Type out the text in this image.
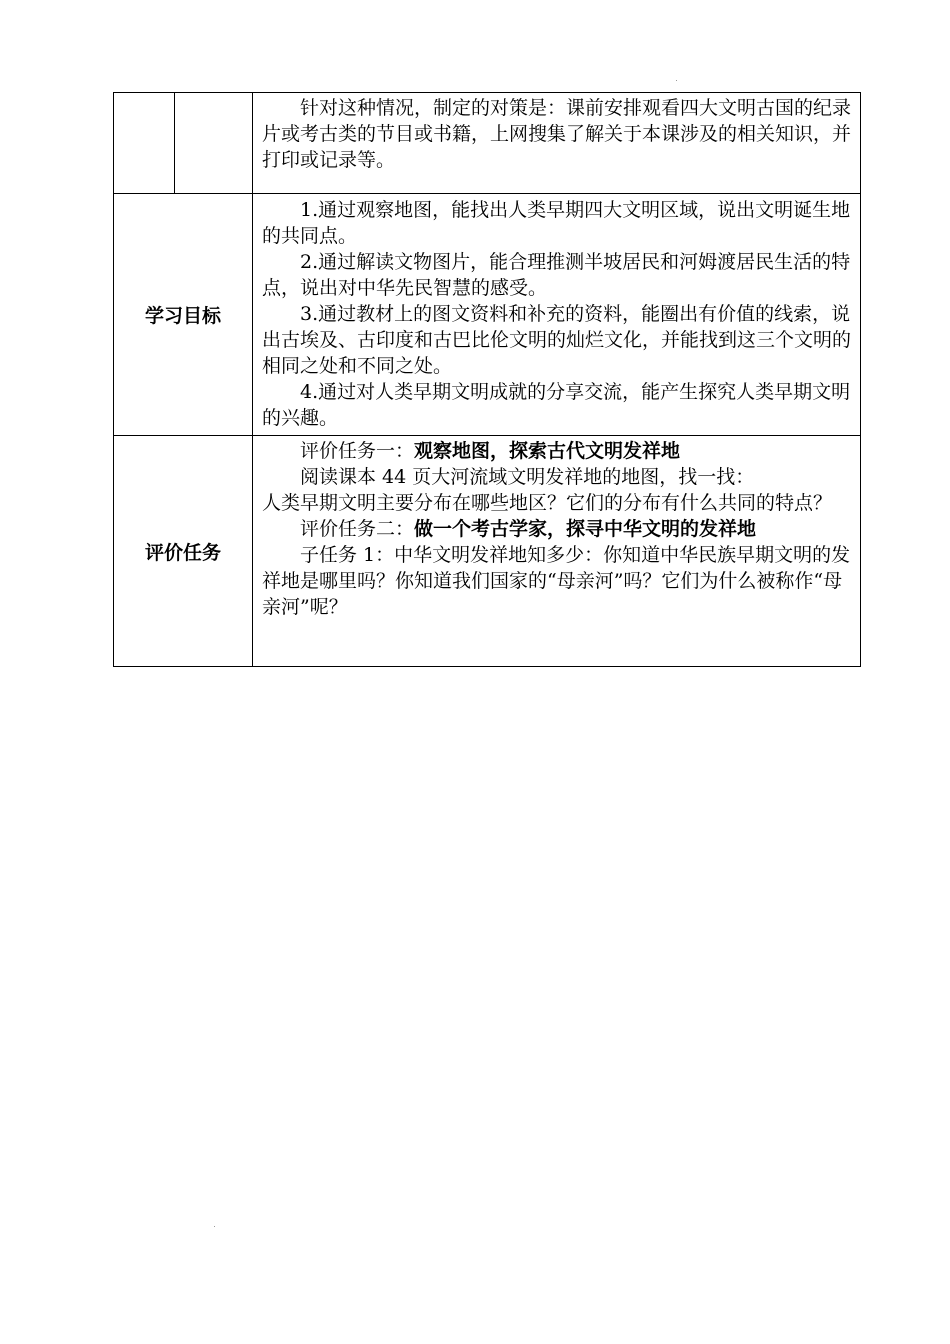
		针对这种情况，制定的对策是：课前安排观看四大文明古国的纪录片或考古类的节目或书籍，上网搜集了解关于本课涉及的相关知识，并打印或记录等。

学习目标		1.通过观察地图，能找出人类早期四大文明区域，说出文明诞生地的共同点。

2.通过解读文物图片，能合理推测半坡居民和河姆渡居民生活的特点，说出对中华先民智慧的感受。

3.通过教材上的图文资料和补充的资料，能圈出有价值的线索，说出古埃及、古印度和古巴比伦文明的灿烂文化，并能找到这三个文明的相同之处和不同之处。

4.通过对人类早期文明成就的分享交流，能产生探究人类早期文明的兴趣。

评价任务		评价任务一：观察地图，探索古代文明发祥地

阅读课本 44 页大河流域文明发祥地的地图，找一找：

人类早期文明主要分布在哪些地区？它们的分布有什么共同的特点？

评价任务二：做一个考古学家，探寻中华文明的发祥地

子任务 1：中华文明发祥地知多少：你知道中华民族早期文明的发祥地是哪里吗？你知道我们国家的“母亲河”吗？它们为什么被称作“母亲河”呢？
